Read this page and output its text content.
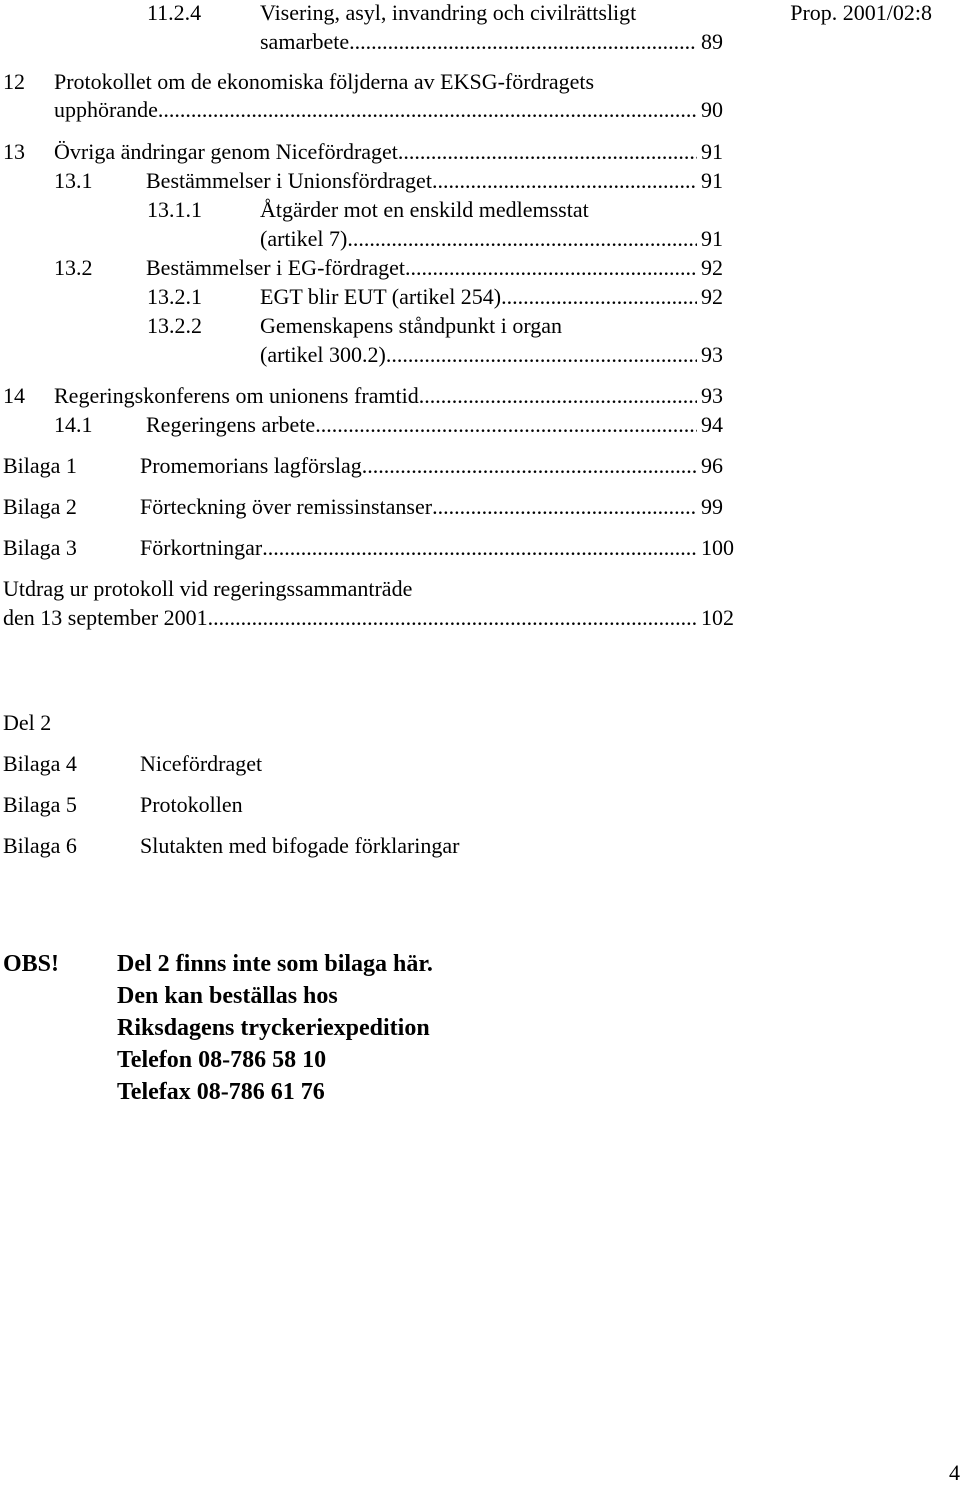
Prop. 2001/02:8
11.2.4	Visering, asyl, invandring och civilrättsligt
samarbete .....	89
12 Protokollet om de ekonomiska följderna av EKSG-fördragets
upphörande .....	90
13 Övriga ändringar genom Nicefördraget .....	91
13.1 Bestämmelser i Unionsfördraget .....	91
13.1.1	Åtgärder mot en enskild medlemsstat
(artikel 7) .....	91
13.2 Bestämmelser i EG-fördraget .....	92
13.2.1	EGT blir EUT (artikel 254) .....	92
13.2.2	Gemenskapens ståndpunkt i organ
(artikel 300.2) .....	93
14 Regeringskonferens om unionens framtid .....	93
14.1 Regeringens arbete .....	94
Bilaga 1	Promemorians lagförslag .....	96
Bilaga 2	Förteckning över remissinstanser .....	99
Bilaga 3	Förkortningar .....	100
Utdrag ur protokoll vid regeringssammanträde
den 13 september 2001 .....	102
Del 2
Bilaga 4	Nicefördraget
Bilaga 5	Protokollen
Bilaga 6	Slutakten med bifogade förklaringar
OBS! Del 2 finns inte som bilaga här.
Den kan beställas hos
Riksdagens tryckeriexpedition
Telefon 08-786 58 10
Telefax 08-786 61 76
4
